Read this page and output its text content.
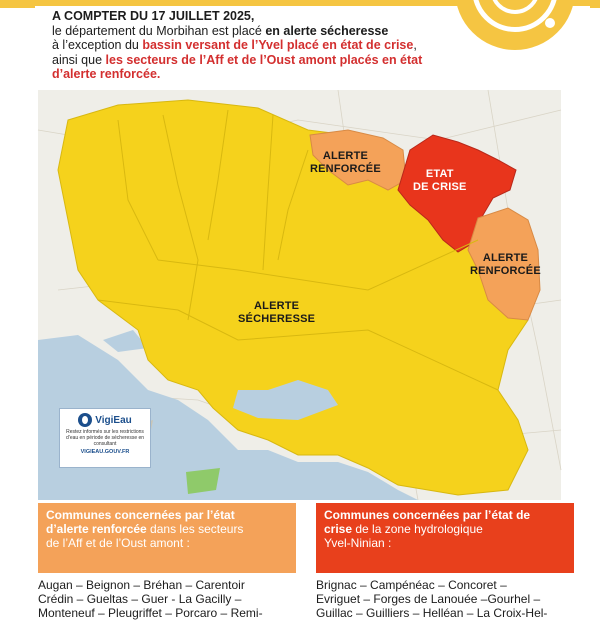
A COMPTER DU 17 JUILLET 2025,
le département du Morbihan est placé en alerte sécheresse
à l’exception du bassin versant de l’Yvel placé en état de crise,
ainsi que les secteurs de l’Aff et de l’Oust amont placés en état
d’alerte renforcée.
ALERTE
SÉCHERESSE
ALERTE
RENFORCÉE	ETAT
DE CRISE
ALERTE
RENFORCÉE
VigiEau
Restez informés sur les restrictions d’eau en période de sécheresse en consultant
VIGIEAU.GOUV.FR
Communes concernées par l’état
d’alerte renforcée dans les secteurs
de l’Aff et de l’Oust amont :
Communes concernées par l’état de
crise de la zone hydrologique
Yvel-Ninian :
Augan – Beignon – Bréhan – Carentoir
Crédin – Gueltas – Guer - La Gacilly –
Monteneuf – Pleugriffet – Porcaro – Remi-
Brignac – Campénéac – Concoret –
Evriguet – Forges de Lanouée –Gourhel –
Guillac – Guilliers – Helléan – La Croix-Hel-
